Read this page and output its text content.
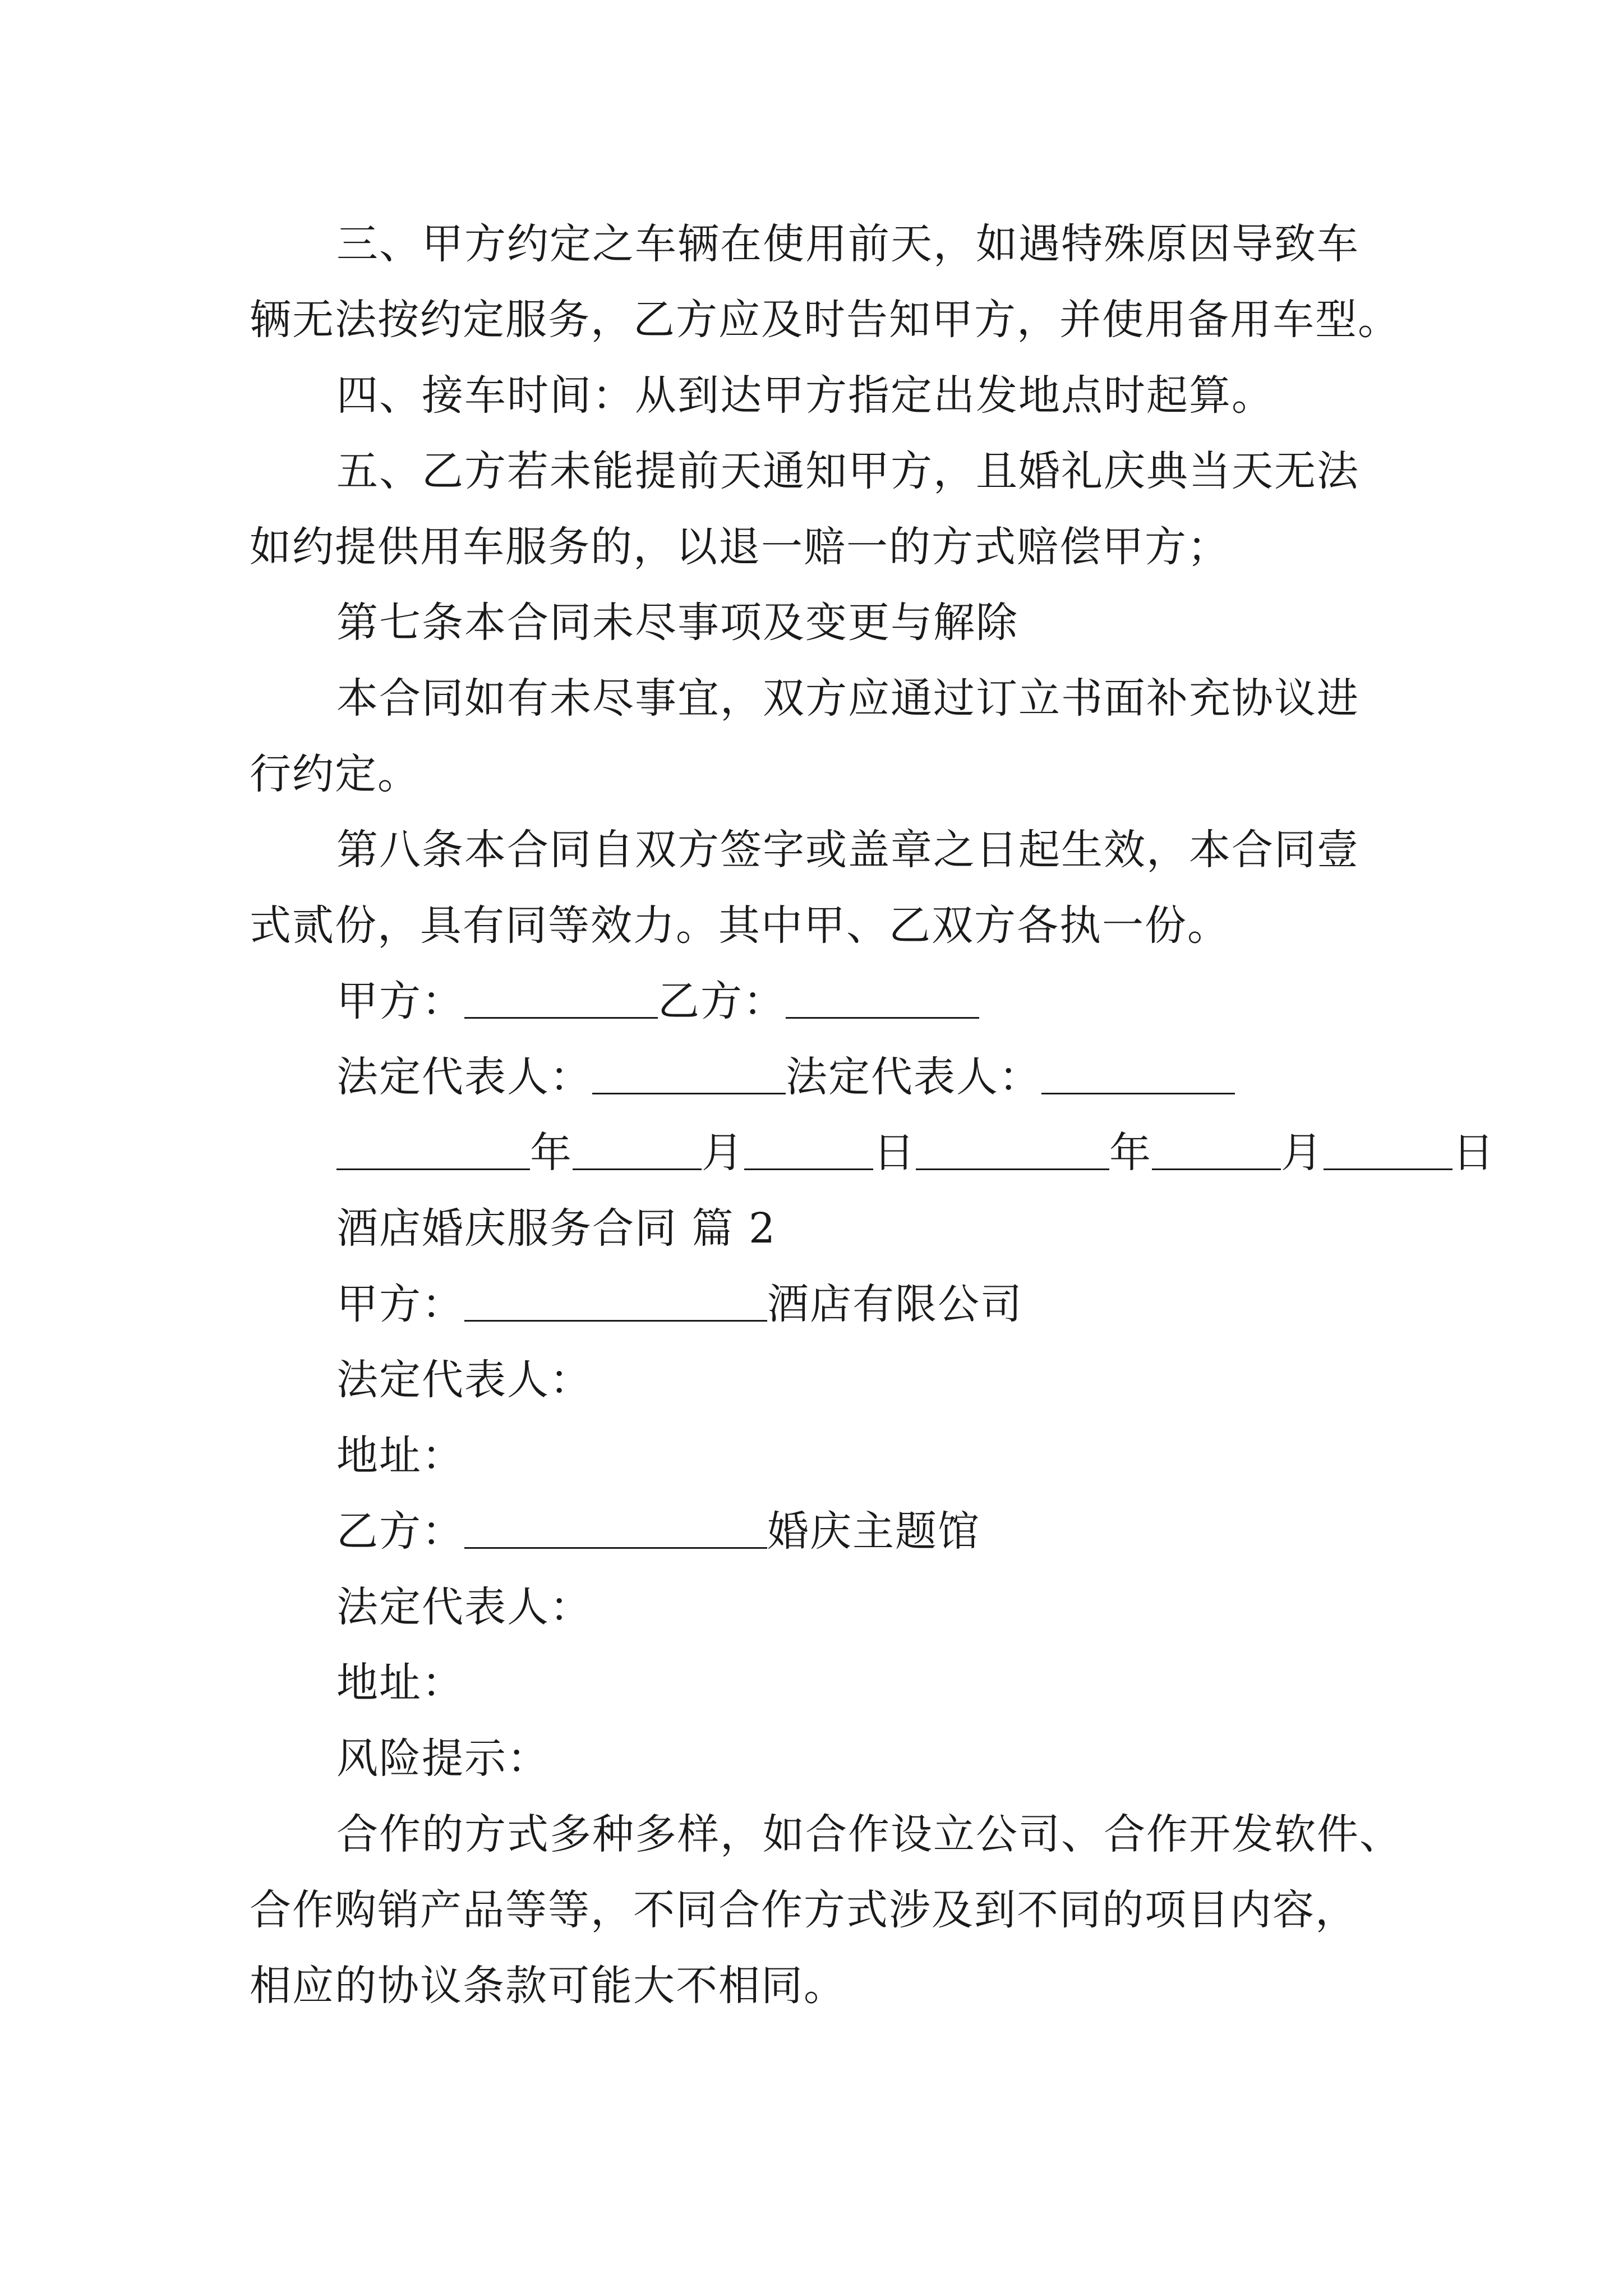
三、甲方约定之车辆在使用前天，如遇特殊原因导致车
辆无法按约定服务，乙方应及时告知甲方，并使用备用车型。
四、接车时间：从到达甲方指定出发地点时起算。
五、乙方若未能提前天通知甲方，且婚礼庆典当天无法
如约提供用车服务的，以退一赔一的方式赔偿甲方；
第七条本合同未尽事项及变更与解除
本合同如有未尽事宜，双方应通过订立书面补充协议进
行约定。
第八条本合同自双方签字或盖章之日起生效，本合同壹
式贰份，具有同等效力。其中甲、乙双方各执一份。
甲方：	乙方：
法定代表人：	法定代表人：
年	月	日	年	月	日
酒店婚庆服务合同 篇 2
甲方：	酒店有限公司
法定代表人：
地址：
乙方：	婚庆主题馆
法定代表人：
地址：
风险提示：
合作的方式多种多样，如合作设立公司、合作开发软件、
合作购销产品等等，不同合作方式涉及到不同的项目内容，
相应的协议条款可能大不相同。
